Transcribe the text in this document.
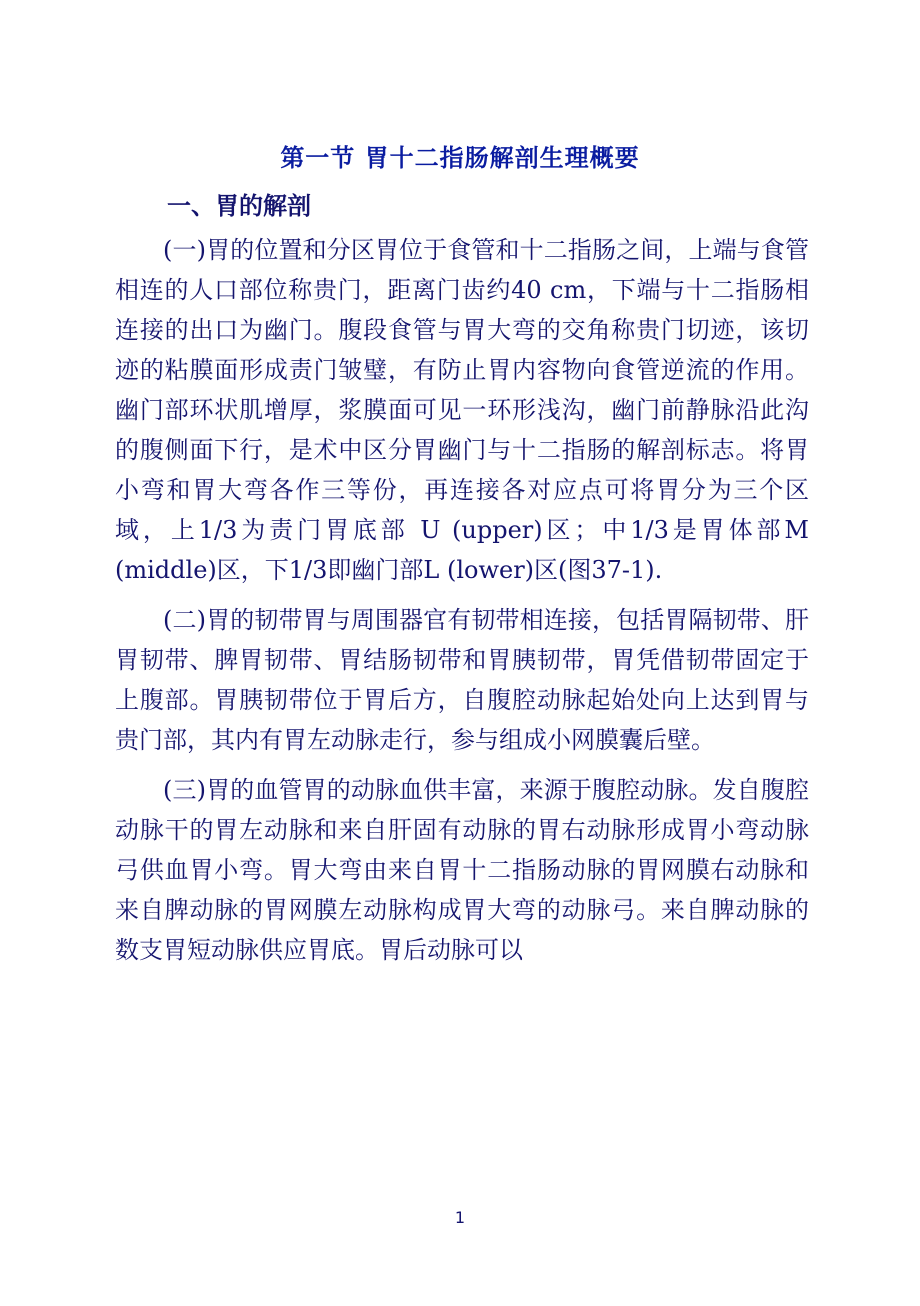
第一节 胃十二指肠解剖生理概要
一、胃的解剖

(一)胃的位置和分区胃位于食管和十二指肠之间，上端与食管相连的人口部位称贵门，距离门齿约40 cm，下端与十二指肠相连接的出口为幽门。腹段食管与胃大弯的交角称贵门切迹，该切迹的粘膜面形成责门皱璧，有防止胃内容物向食管逆流的作用。幽门部环状肌增厚，浆膜面可见一环形浅沟，幽门前静脉沿此沟的腹侧面下行，是术中区分胃幽门与十二指肠的解剖标志。将胃小弯和胃大弯各作三等份，再连接各对应点可将胃分为三个区域，上1/3为责门胃底部 U (upper)区；中1/3是胃体部M (middle)区，下1/3即幽门部L (lower)区(图37-1).

(二)胃的韧带胃与周围器官有韧带相连接，包括胃隔韧带、肝胃韧带、脾胃韧带、胃结肠韧带和胃胰韧带，胃凭借韧带固定于上腹部。胃胰韧带位于胃后方，自腹腔动脉起始处向上达到胃与贵门部，其内有胃左动脉走行，参与组成小网膜囊后壁。

(三)胃的血管胃的动脉血供丰富，来源于腹腔动脉。发自腹腔动脉干的胃左动脉和来自肝固有动脉的胃右动脉形成胃小弯动脉弓供血胃小弯。胃大弯由来自胃十二指肠动脉的胃网膜右动脉和来自脾动脉的胃网膜左动脉构成胃大弯的动脉弓。来自脾动脉的数支胃短动脉供应胃底。胃后动脉可以

1
